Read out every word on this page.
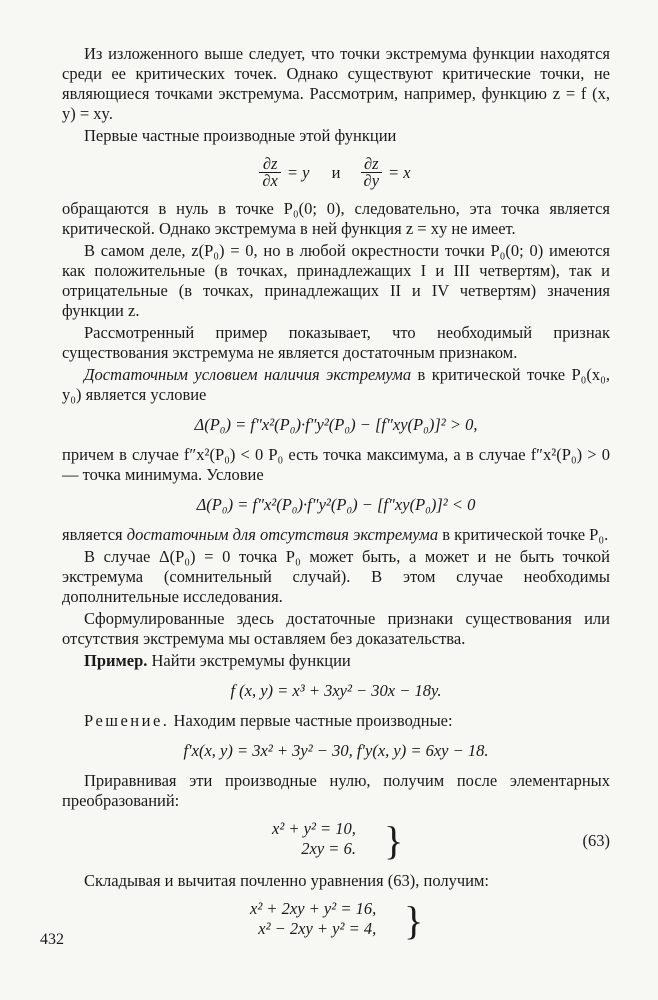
Из изложенного выше следует, что точки экстремума функции находятся среди ее критических точек. Однако существуют критические точки, не являющиеся точками экстремума. Рассмотрим, например, функцию z = f (x, y) = xy.

Первые частные производные этой функции

$\frac{\partial z}{\partial x} = y$ и $\frac{\partial z}{\partial y} = x$

обращаются в нуль в точке P₀(0; 0), следовательно, эта точка является критической. Однако экстремума в ней функция z = xy не имеет.

В самом деле, z(P₀) = 0, но в любой окрестности точки P₀(0; 0) имеются как положительные (в точках, принадлежащих I и III четвертям), так и отрицательные (в точках, принадлежащих II и IV четвертям) значения функции z.

Рассмотренный пример показывает, что необходимый признак существования экстремума не является достаточным признаком.

Достаточным условием наличия экстремума в критической точке P₀(x₀, y₀) является условие

Δ(P₀) = f″x²(P₀)·f″y²(P₀) − [f″xy(P₀)]² > 0,

причем в случае f″x²(P₀) < 0 P₀ есть точка максимума, а в случае f″x²(P₀) > 0 — точка минимума. Условие

Δ(P₀) = f″x²(P₀)·f″y²(P₀) − [f″xy(P₀)]² < 0

является достаточным для отсутствия экстремума в критической точке P₀.

В случае Δ(P₀) = 0 точка P₀ может быть, а может и не быть точкой экстремума (сомнительный случай). В этом случае необходимы дополнительные исследования.

Сформулированные здесь достаточные признаки существования или отсутствия экстремума мы оставляем без доказательства.

Пример. Найти экстремумы функции

f (x, y) = x³ + 3xy² − 30x − 18y.

Решение. Находим первые частные производные:

f′x(x, y) = 3x² + 3y² − 30, f′y(x, y) = 6xy − 18.

Приравнивая эти производные нулю, получим после элементарных преобразований:

x² + y² = 10,
2xy = 6. }	(63)

Складывая и вычитая почленно уравнения (63), получим:

x² + 2xy + y² = 16,
x² − 2xy + y² = 4, }
432
